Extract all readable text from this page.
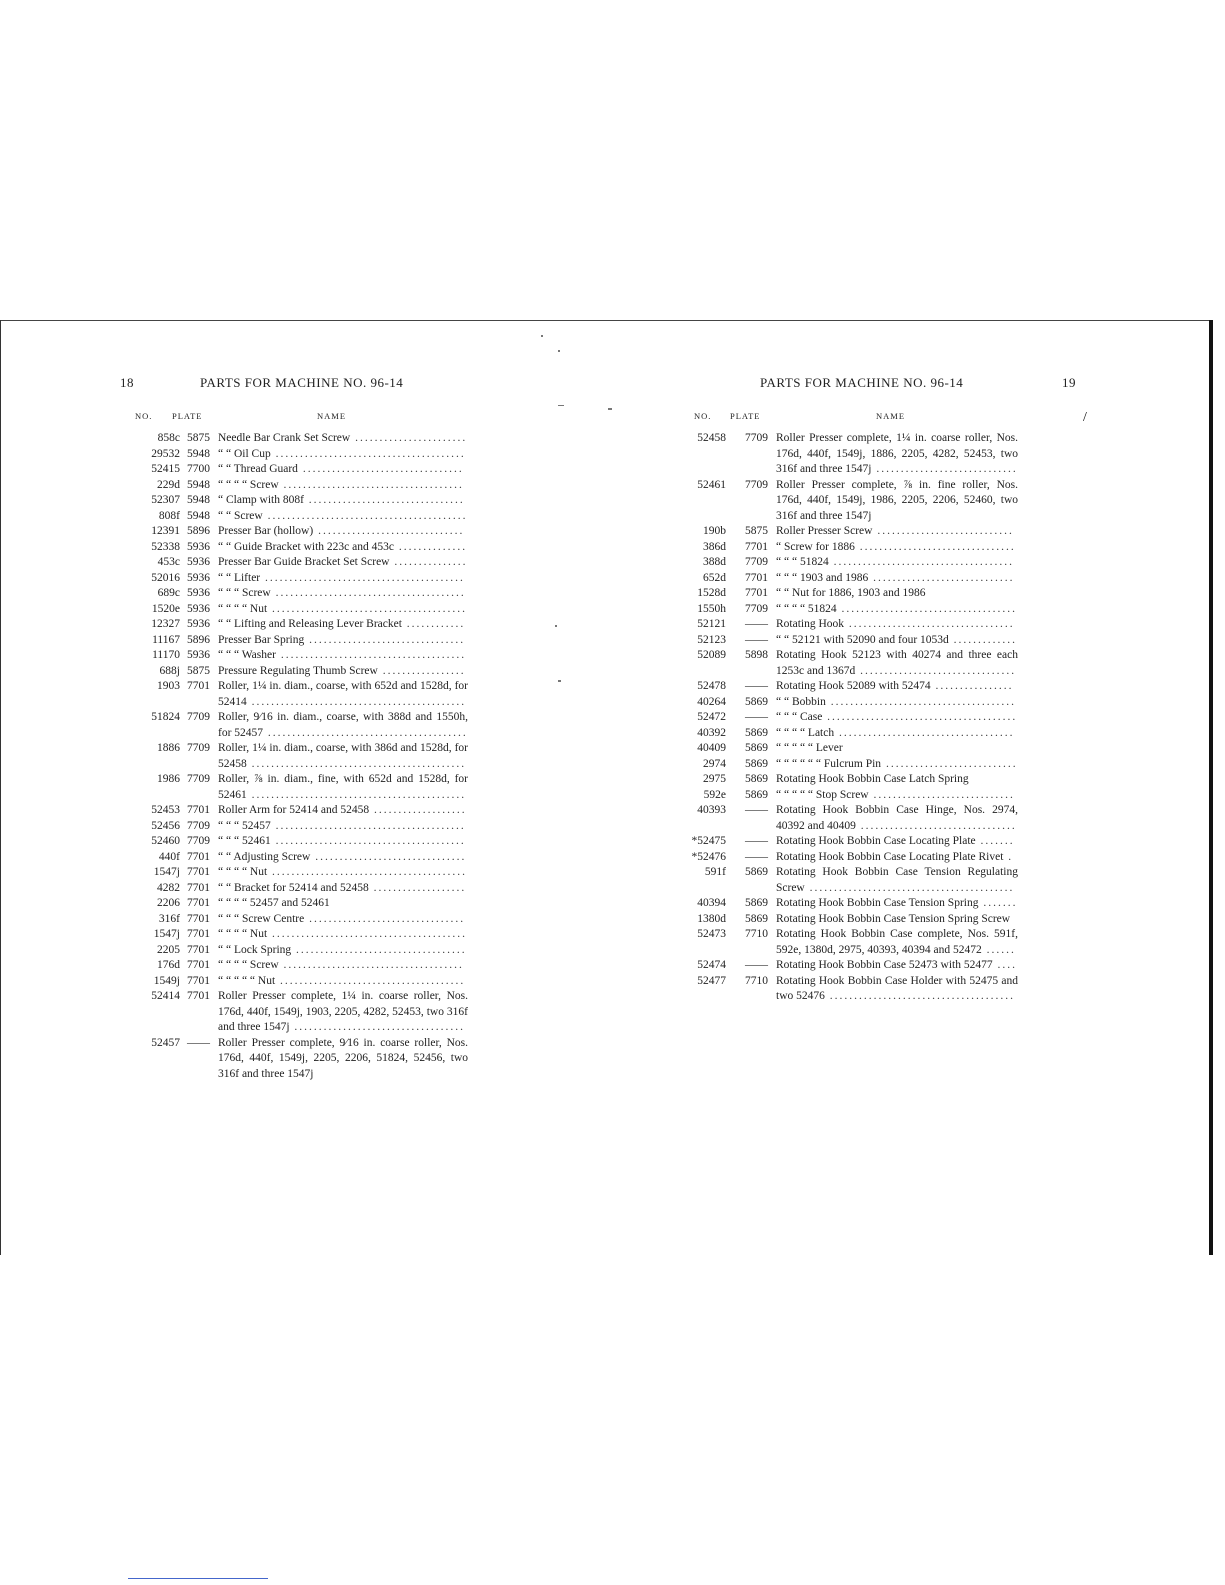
/
18	PARTS FOR MACHINE NO. 96-14
NO. PLATE	NAME
858c 5875 Needle Bar Crank Set Screw .......................
29532 5948 “ “ Oil Cup .......................................
52415 7700 “ “ Thread Guard .................................
229d 5948 “ “ “ “ Screw .....................................
52307 5948 “ Clamp with 808f ................................
808f 5948 “ “ Screw .........................................
12391 5896 Presser Bar (hollow) ..............................
52338 5936 “ “ Guide Bracket with 223c and 453c ..............
453c 5936 Presser Bar Guide Bracket Set Screw ...............
52016 5936 “ “ Lifter .........................................
689c 5936 “ “ “ Screw .......................................
1520e 5936 “ “ “ “ Nut ........................................
12327 5936 “ “ Lifting and Releasing Lever Bracket ............
11167 5896 Presser Bar Spring ................................
11170 5936 “ “ “ Washer ......................................
688j 5875 Pressure Regulating Thumb Screw .................
1903 7701 Roller, 1¼ in. diam., coarse, with 652d and 1528d, for 52414 ............................................
51824 7709 Roller, 9⁄16 in. diam., coarse, with 388d and 1550h, for 52457 .........................................
1886 7709 Roller, 1¼ in. diam., coarse, with 386d and 1528d, for 52458 ............................................
1986 7709 Roller, ⅞ in. diam., fine, with 652d and 1528d, for 52461 ............................................
52453 7701 Roller Arm for 52414 and 52458 ...................
52456 7709 “ “ “ 52457 .......................................
52460 7709 “ “ “ 52461 .......................................
440f 7701 “ “ Adjusting Screw ...............................
1547j 7701 “ “ “ “ Nut ........................................
4282 7701 “ “ Bracket for 52414 and 52458 ...................
2206 7701 “ “ “ “ 52457 and 52461
316f 7701 “ “ “ Screw Centre ................................
1547j 7701 “ “ “ “ Nut ........................................
2205 7701 “ “ Lock Spring ...................................
176d 7701 “ “ “ “ Screw .....................................
1549j 7701 “ “ “ “ “ Nut ......................................
52414 7701 Roller Presser complete, 1¼ in. coarse roller, Nos. 176d, 440f, 1549j, 1903, 2205, 4282, 52453, two 316f and three 1547j ...................................
52457 —— Roller Presser complete, 9⁄16 in. coarse roller, Nos. 176d, 440f, 1549j, 2205, 2206, 51824, 52456, two 316f and three 1547j
PARTS FOR MACHINE NO. 96-14	19
NO. PLATE	NAME
52458	7709 Roller Presser complete, 1¼ in. coarse roller, Nos. 176d, 440f, 1549j, 1886, 2205, 4282, 52453, two 316f and three 1547j .............................
52461	7709 Roller Presser complete, ⅞ in. fine roller, Nos. 176d, 440f, 1549j, 1986, 2205, 2206, 52460, two 316f and three 1547j
190b	5875 Roller Presser Screw ............................
386d	7701 “ Screw for 1886 ................................
388d	7709 “ “ “ 51824 .....................................
652d	7701 “ “ “ 1903 and 1986 .............................
1528d	7701 “ “ Nut for 1886, 1903 and 1986
1550h	7709 “ “ “ “ 51824 ....................................
52121	—— Rotating Hook ..................................
52123	—— “ “ 52121 with 52090 and four 1053d .............
52089	5898 Rotating Hook 52123 with 40274 and three each 1253c and 1367d ................................
52478	—— Rotating Hook 52089 with 52474 ................
40264	5869 “ “ Bobbin ......................................
52472	—— “ “ “ Case .......................................
40392	5869 “ “ “ “ Latch ....................................
40409	5869 “ “ “ “ “ Lever
2974	5869 “ “ “ “ “ “ Fulcrum Pin ...........................
2975	5869 Rotating Hook Bobbin Case Latch Spring
592e	5869 “ “ “ “ “ Stop Screw .............................
40393	—— Rotating Hook Bobbin Case Hinge, Nos. 2974, 40392 and 40409 ................................
*52475	—— Rotating Hook Bobbin Case Locating Plate .......
*52476	—— Rotating Hook Bobbin Case Locating Plate Rivet .
591f	5869 Rotating Hook Bobbin Case Tension Regulating Screw ..........................................
40394	5869 Rotating Hook Bobbin Case Tension Spring .......
1380d	5869 Rotating Hook Bobbin Case Tension Spring Screw
52473	7710 Rotating Hook Bobbin Case complete, Nos. 591f, 592e, 1380d, 2975, 40393, 40394 and 52472 ......
52474	—— Rotating Hook Bobbin Case 52473 with 52477 ....
52477	7710 Rotating Hook Bobbin Case Holder with 52475 and two 52476 ......................................
